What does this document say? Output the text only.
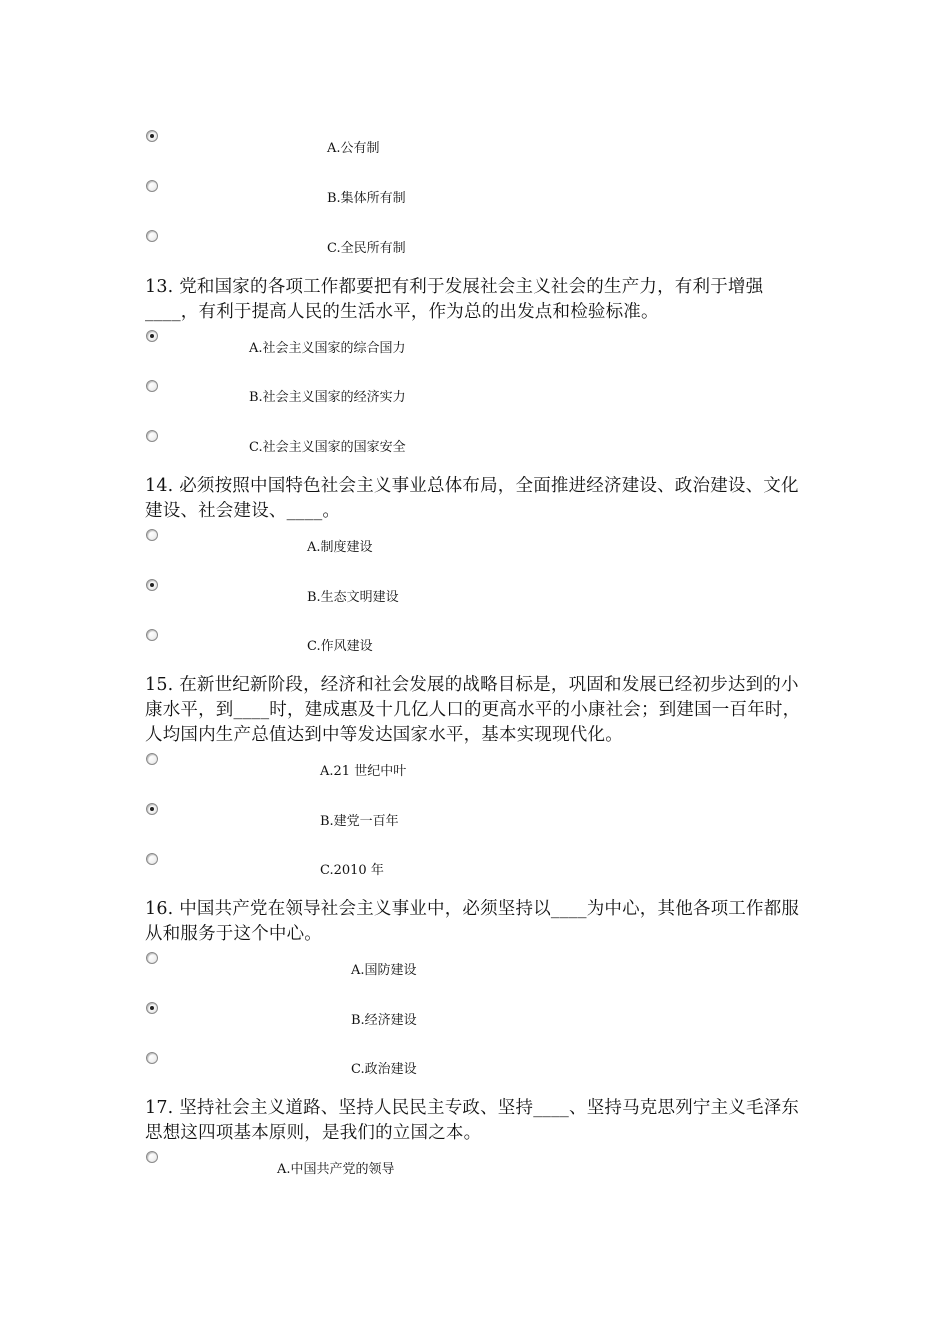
A.公有制
B.集体所有制
C.全民所有制

13. 党和国家的各项工作都要把有利于发展社会主义社会的生产力，有利于增强____，有利于提高人民的生活水平，作为总的出发点和检验标准。

A.社会主义国家的综合国力
B.社会主义国家的经济实力
C.社会主义国家的国家安全

14. 必须按照中国特色社会主义事业总体布局，全面推进经济建设、政治建设、文化建设、社会建设、____。

A.制度建设
B.生态文明建设
C.作风建设

15. 在新世纪新阶段，经济和社会发展的战略目标是，巩固和发展已经初步达到的小康水平，到____时，建成惠及十几亿人口的更高水平的小康社会；到建国一百年时，人均国内生产总值达到中等发达国家水平，基本实现现代化。

A.21 世纪中叶
B.建党一百年
C.2010 年

16. 中国共产党在领导社会主义事业中，必须坚持以____为中心，其他各项工作都服从和服务于这个中心。

A.国防建设
B.经济建设
C.政治建设

17. 坚持社会主义道路、坚持人民民主专政、坚持____、坚持马克思列宁主义毛泽东思想这四项基本原则，是我们的立国之本。

A.中国共产党的领导
